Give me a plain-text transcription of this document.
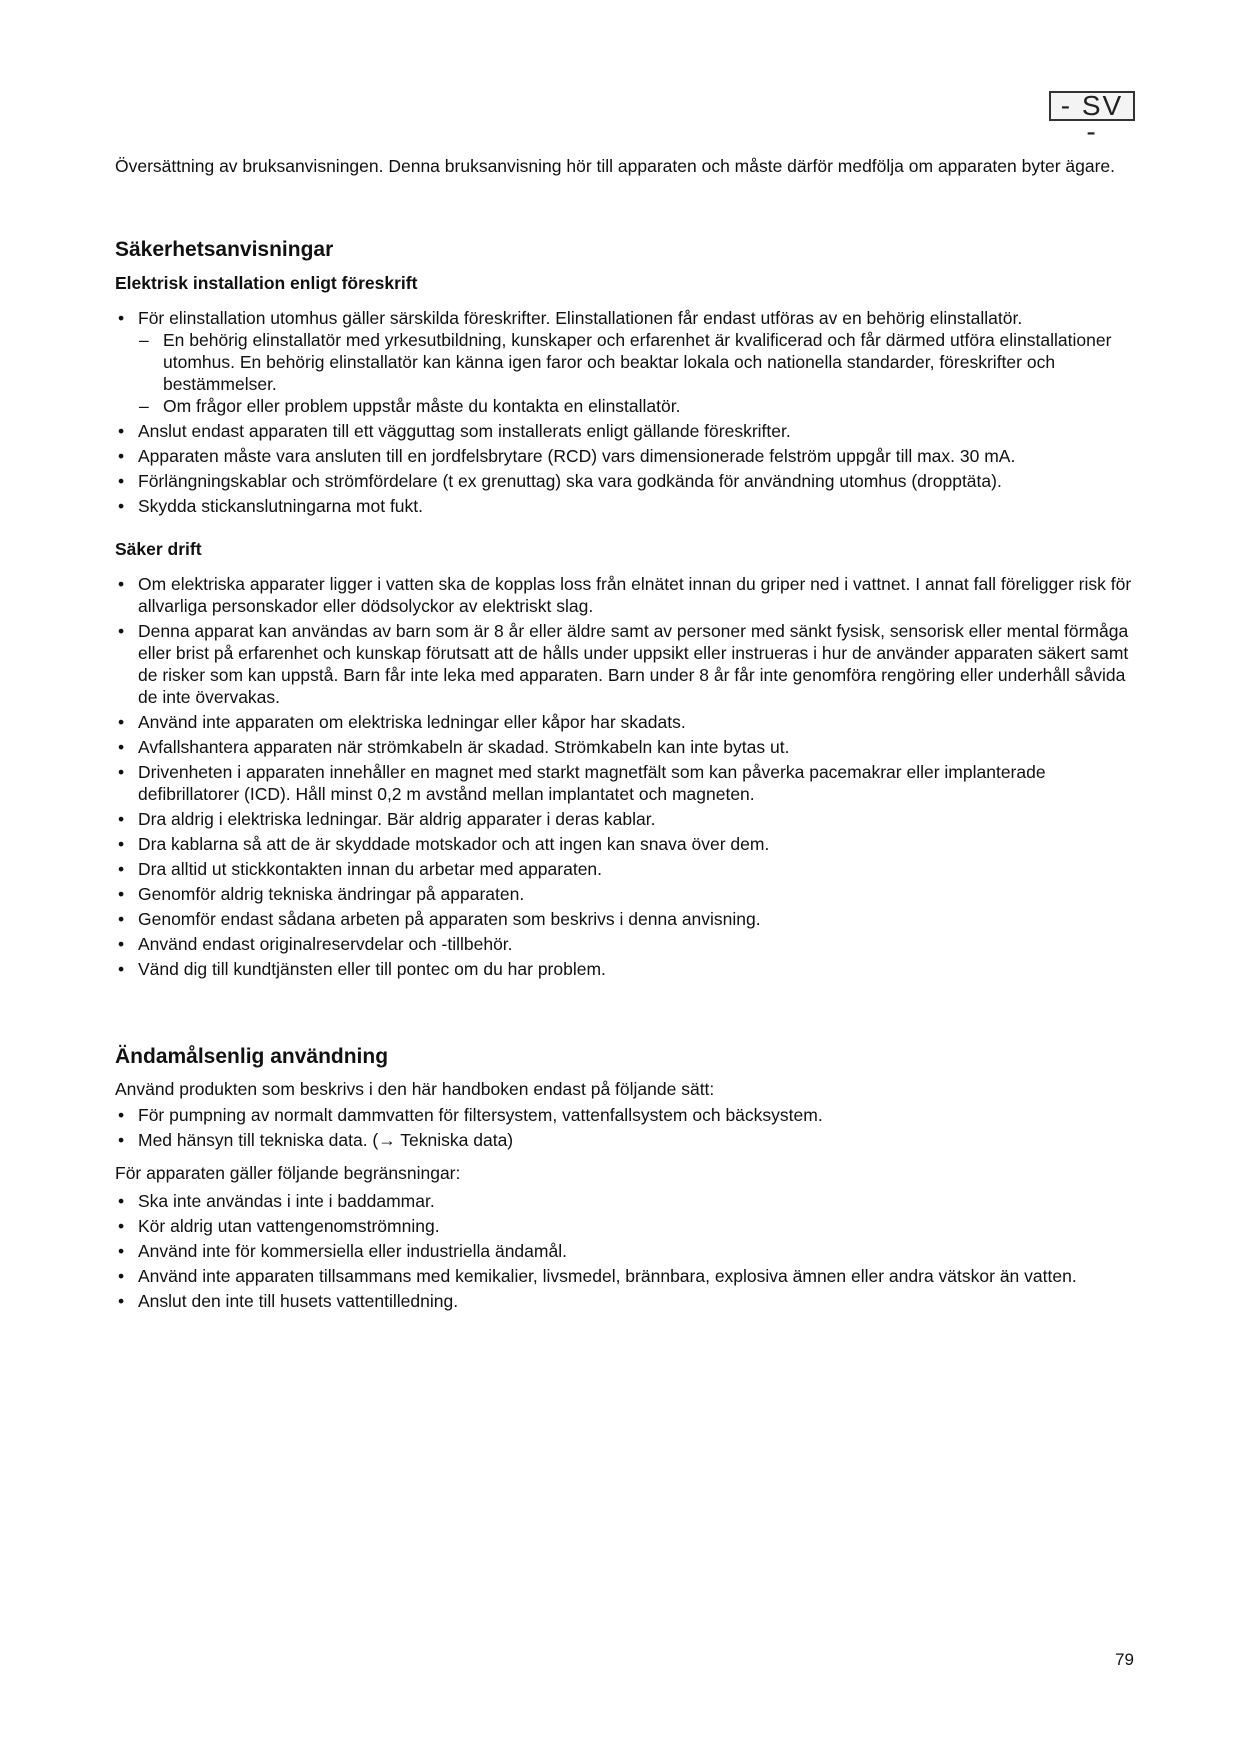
- SV -
Översättning av bruksanvisningen. Denna bruksanvisning hör till apparaten och måste därför medfölja om apparaten byter ägare.
Säkerhetsanvisningar
Elektrisk installation enligt föreskrift
• För elinstallation utomhus gäller särskilda föreskrifter. Elinstallationen får endast utföras av en behörig elinstallatör.
– En behörig elinstallatör med yrkesutbildning, kunskaper och erfarenhet är kvalificerad och får därmed utföra elinstallationer utomhus. En behörig elinstallatör kan känna igen faror och beaktar lokala och nationella standarder, föreskrifter och bestämmelser.
– Om frågor eller problem uppstår måste du kontakta en elinstallatör.
• Anslut endast apparaten till ett vägguttag som installerats enligt gällande föreskrifter.
• Apparaten måste vara ansluten till en jordfelsbrytare (RCD) vars dimensionerade felström uppgår till max. 30 mA.
• Förlängningskablar och strömfördelare (t ex grenuttag) ska vara godkända för användning utomhus (dropptäta).
• Skydda stickanslutningarna mot fukt.
Säker drift
• Om elektriska apparater ligger i vatten ska de kopplas loss från elnätet innan du griper ned i vattnet. I annat fall föreligger risk för allvarliga personskador eller dödsolyckor av elektriskt slag.
• Denna apparat kan användas av barn som är 8 år eller äldre samt av personer med sänkt fysisk, sensorisk eller mental förmåga eller brist på erfarenhet och kunskap förutsatt att de hålls under uppsikt eller instrueras i hur de använder apparaten säkert samt de risker som kan uppstå. Barn får inte leka med apparaten. Barn under 8 år får inte genomföra rengöring eller underhåll såvida de inte övervakas.
• Använd inte apparaten om elektriska ledningar eller kåpor har skadats.
• Avfallshantera apparaten när strömkabeln är skadad. Strömkabeln kan inte bytas ut.
• Drivenheten i apparaten innehåller en magnet med starkt magnetfält som kan påverka pacemakrar eller implanterade defibrillatorer (ICD). Håll minst 0,2 m avstånd mellan implantatet och magneten.
• Dra aldrig i elektriska ledningar. Bär aldrig apparater i deras kablar.
• Dra kablarna så att de är skyddade motskador och att ingen kan snava över dem.
• Dra alltid ut stickkontakten innan du arbetar med apparaten.
• Genomför aldrig tekniska ändringar på apparaten.
• Genomför endast sådana arbeten på apparaten som beskrivs i denna anvisning.
• Använd endast originalreservdelar och -tillbehör.
• Vänd dig till kundtjänsten eller till pontec om du har problem.
Ändamålsenlig användning
Använd produkten som beskrivs i den här handboken endast på följande sätt:
• För pumpning av normalt dammvatten för filtersystem, vattenfallsystem och bäcksystem.
• Med hänsyn till tekniska data. (→ Tekniska data)
För apparaten gäller följande begränsningar:
• Ska inte användas i inte i baddammar.
• Kör aldrig utan vattengenomströmning.
• Använd inte för kommersiella eller industriella ändamål.
• Använd inte apparaten tillsammans med kemikalier, livsmedel, brännbara, explosiva ämnen eller andra vätskor än vatten.
• Anslut den inte till husets vattentilledning.
79
